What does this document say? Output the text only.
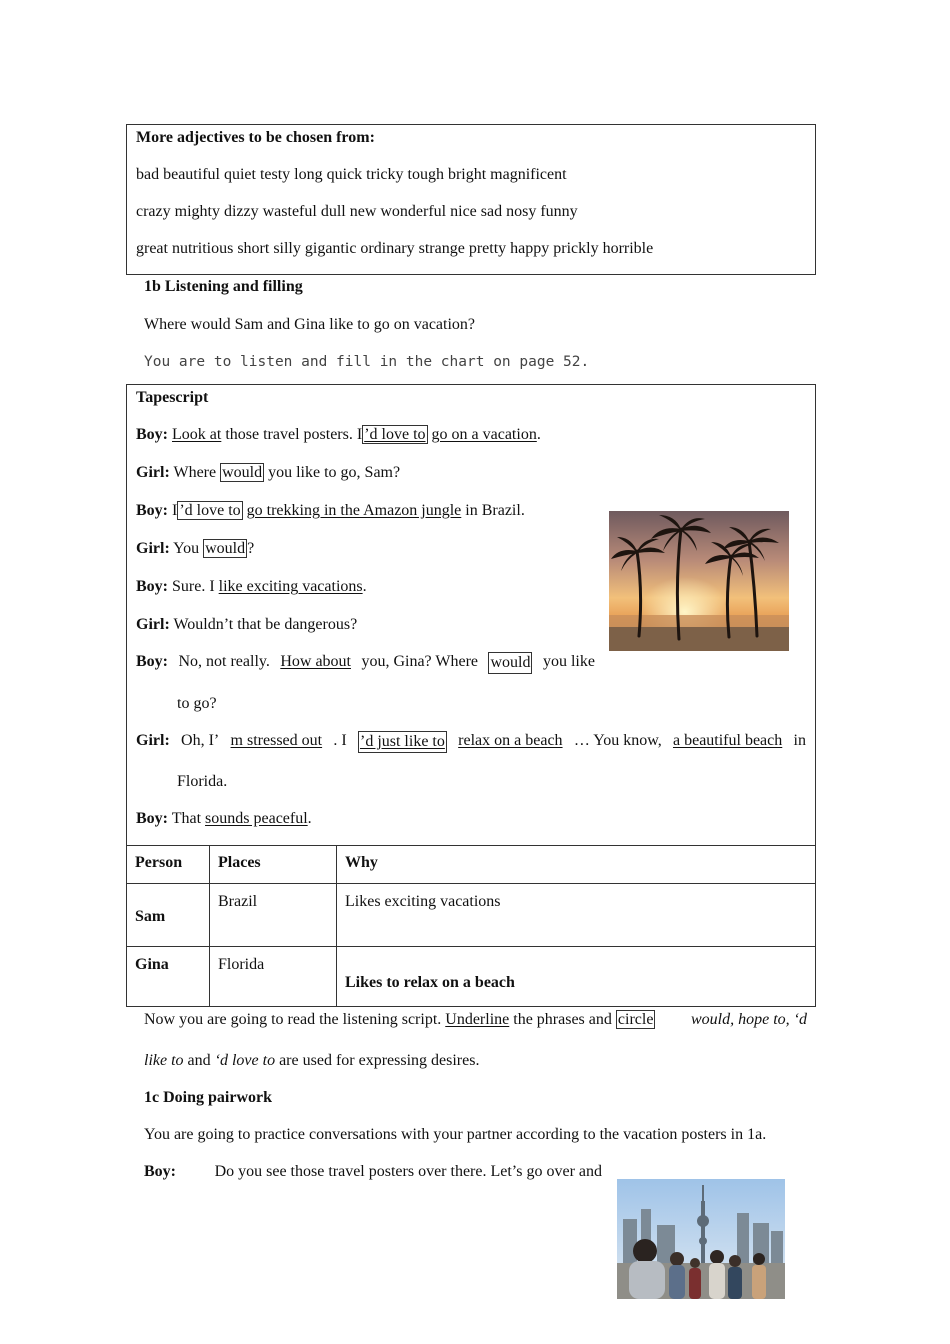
More adjectives to be chosen from:
bad beautiful quiet testy long quick tricky tough bright magnificent
crazy mighty dizzy wasteful dull new wonderful nice sad nosy funny
great nutritious short silly gigantic ordinary strange pretty happy prickly horrible
1b Listening and filling
Where would Sam and Gina like to go on vacation?
You are to listen and fill in the chart on page 52.
Tapescript
Boy: Look at those travel posters. I ’d love to go on a vacation.
Girl: Where would you like to go, Sam?
Boy: I ’d love to go trekking in the Amazon jungle in Brazil.
Girl: You would ?
Boy: Sure. I like exciting vacations.
Girl: Wouldn’t that be dangerous?
Boy: No, not really. How about you, Gina? Where would you like
to go?
Girl: Oh, I’ m stressed out . I ’d just like to relax on a beach … You know, a beautiful beach in
Florida.
Boy: That sounds peaceful.
Person	Places	Why
Sam	Brazil	Likes exciting vacations
Gina	Florida	Likes to relax on a beach
Now you are going to read the listening script. Underline the phrases and circle would, hope to, ‘d
like to and ‘d love to are used for expressing desires.
1c Doing pairwork
You are going to practice conversations with your partner according to the vacation posters in 1a.
Boy: Do you see those travel posters over there. Let’s go over and
